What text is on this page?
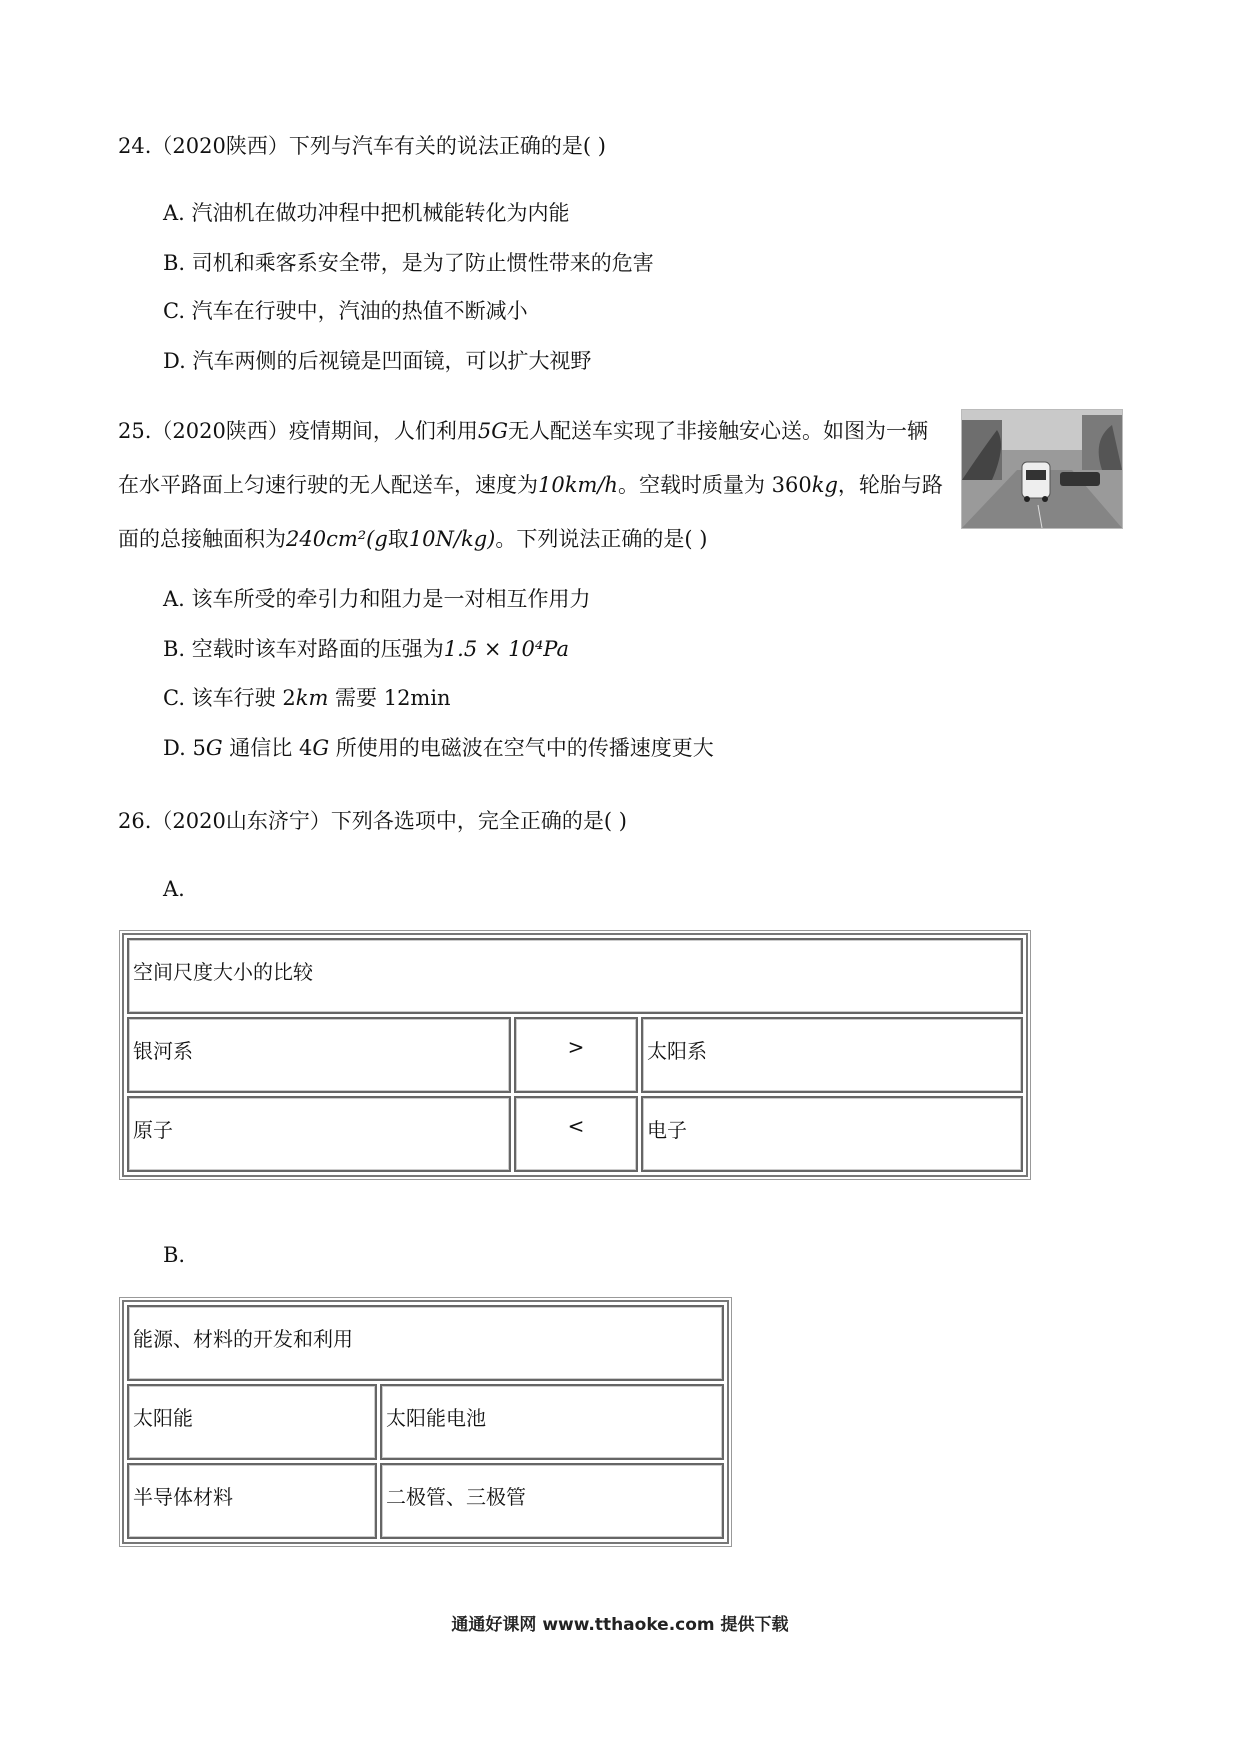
24.（2020陕西）下列与汽车有关的说法正确的是( )
A. 汽油机在做功冲程中把机械能转化为内能
B. 司机和乘客系安全带，是为了防止惯性带来的危害
C. 汽车在行驶中，汽油的热值不断减小
D. 汽车两侧的后视镜是凹面镜，可以扩大视野
25.（2020陕西）疫情期间，人们利用5G无人配送车实现了非接触安心送。如图为一辆在水平路面上匀速行驶的无人配送车，速度为10km/h。空载时质量为 360kg，轮胎与路面的总接触面积为240cm²(g取10N/kg)。下列说法正确的是( )
A. 该车所受的牵引力和阻力是一对相互作用力
B. 空载时该车对路面的压强为1.5 × 10⁴Pa
C. 该车行驶 2km 需要 12min
D. 5G 通信比 4G 所使用的电磁波在空气中的传播速度更大
26.（2020山东济宁）下列各选项中，完全正确的是( )
A.
空间尺度大小的比较		
银河系	>	太阳系
原子	<	电子
B.
能源、材料的开发和利用	
太阳能	太阳能电池
半导体材料	二极管、三极管
通通好课网 www.tthaoke.com 提供下载
